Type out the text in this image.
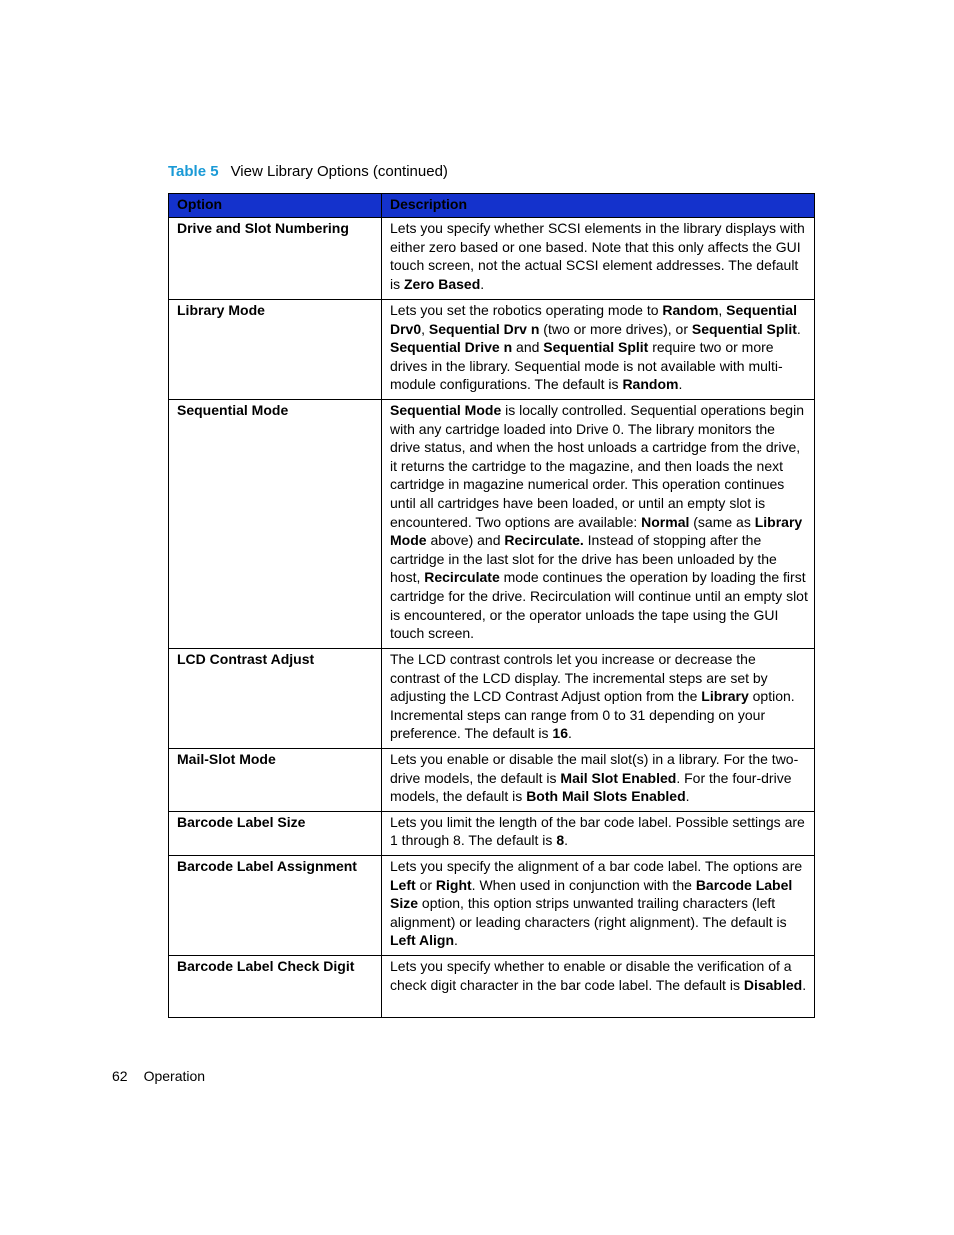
Table 5 View Library Options (continued)
Option	Description
Drive and Slot Numbering	Lets you specify whether SCSI elements in the library displays with either zero based or one based. Note that this only affects the GUI touch screen, not the actual SCSI element addresses. The default is Zero Based.
Library Mode	Lets you set the robotics operating mode to Random, Sequential Drv0, Sequential Drv n (two or more drives), or Sequential Split. Sequential Drive n and Sequential Split require two or more drives in the library. Sequential mode is not available with multi-module configurations. The default is Random.
Sequential Mode	Sequential Mode is locally controlled. Sequential operations begin with any cartridge loaded into Drive 0. The library monitors the drive status, and when the host unloads a cartridge from the drive, it returns the cartridge to the magazine, and then loads the next cartridge in magazine numerical order. This operation continues until all cartridges have been loaded, or until an empty slot is encountered. Two options are available: Normal (same as Library Mode above) and Recirculate. Instead of stopping after the cartridge in the last slot for the drive has been unloaded by the host, Recirculate mode continues the operation by loading the first cartridge for the drive. Recirculation will continue until an empty slot is encountered, or the operator unloads the tape using the GUI touch screen.
LCD Contrast Adjust	The LCD contrast controls let you increase or decrease the contrast of the LCD display. The incremental steps are set by adjusting the LCD Contrast Adjust option from the Library option. Incremental steps can range from 0 to 31 depending on your preference. The default is 16.
Mail-Slot Mode	Lets you enable or disable the mail slot(s) in a library. For the two-drive models, the default is Mail Slot Enabled. For the four-drive models, the default is Both Mail Slots Enabled.
Barcode Label Size	Lets you limit the length of the bar code label. Possible settings are 1 through 8. The default is 8.
Barcode Label Assignment	Lets you specify the alignment of a bar code label. The options are Left or Right. When used in conjunction with the Barcode Label Size option, this option strips unwanted trailing characters (left alignment) or leading characters (right alignment). The default is Left Align.
Barcode Label Check Digit	Lets you specify whether to enable or disable the verification of a check digit character in the bar code label. The default is Disabled.
62 Operation
